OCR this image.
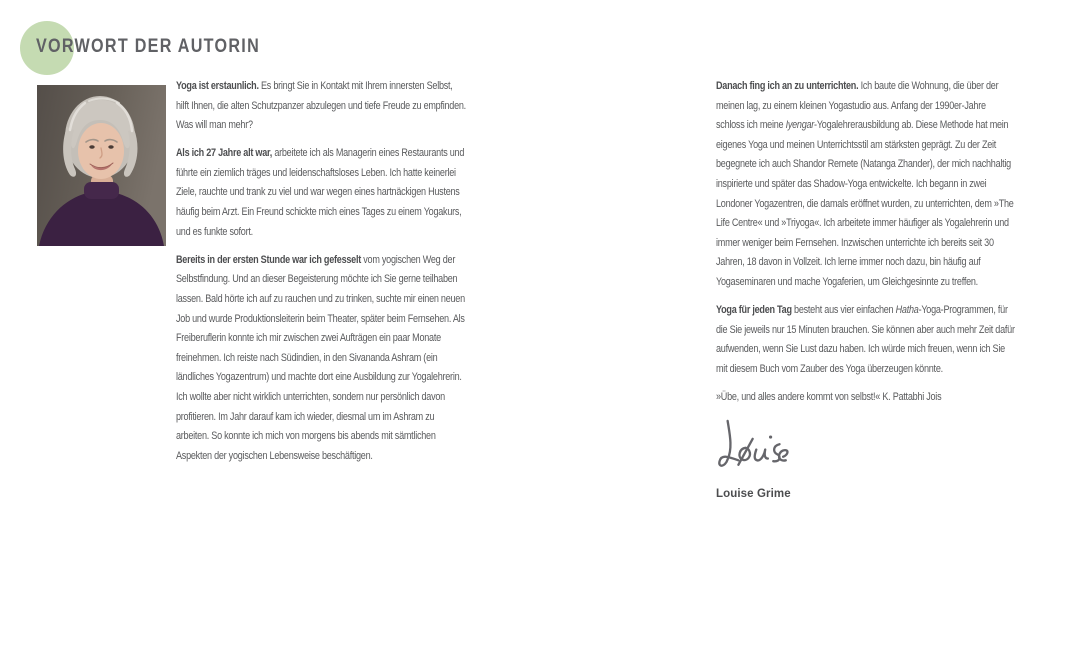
VORWORT DER AUTORIN

Yoga ist erstaunlich. Es bringt Sie in Kontakt mit Ihrem innersten Selbst, hilft Ihnen, die alten Schutzpanzer abzulegen und tiefe Freude zu empfinden. Was will man mehr?

Als ich 27 Jahre alt war, arbeitete ich als Managerin eines Restaurants und führte ein ziemlich träges und leidenschaftsloses Leben. Ich hatte keinerlei Ziele, rauchte und trank zu viel und war wegen eines hartnäckigen Hustens häufig beim Arzt. Ein Freund schickte mich eines Tages zu einem Yogakurs, und es funkte sofort.

Bereits in der ersten Stunde war ich gefesselt vom yogischen Weg der Selbstfindung. Und an dieser Begeisterung möchte ich Sie gerne teilhaben lassen. Bald hörte ich auf zu rauchen und zu trinken, suchte mir einen neuen Job und wurde Produktionsleiterin beim Theater, später beim Fernsehen. Als Freiberuflerin konnte ich mir zwischen zwei Aufträgen ein paar Monate freinehmen. Ich reiste nach Südindien, in den Sivananda Ashram (ein ländliches Yogazentrum) und machte dort eine Ausbildung zur Yogalehrerin. Ich wollte aber nicht wirklich unterrichten, sondern nur persönlich davon profitieren. Im Jahr darauf kam ich wieder, diesmal um im Ashram zu arbeiten. So konnte ich mich von morgens bis abends mit sämtlichen Aspekten der yogischen Lebensweise beschäftigen.

Danach fing ich an zu unterrichten. Ich baute die Wohnung, die über der meinen lag, zu einem kleinen Yogastudio aus. Anfang der 1990er-Jahre schloss ich meine Iyengar-Yogalehrerausbildung ab. Diese Methode hat mein eigenes Yoga und meinen Unterrichtsstil am stärksten geprägt. Zu der Zeit begegnete ich auch Shandor Remete (Natanga Zhander), der mich nachhaltig inspirierte und später das Shadow-Yoga entwickelte. Ich begann in zwei Londoner Yogazentren, die damals eröffnet wurden, zu unterrichten, dem »The Life Centre« und »Triyoga«. Ich arbeitete immer häufiger als Yogalehrerin und immer weniger beim Fernsehen. Inzwischen unterrichte ich bereits seit 30 Jahren, 18 davon in Vollzeit. Ich lerne immer noch dazu, bin häufig auf Yogaseminaren und mache Yogaferien, um Gleichgesinnte zu treffen.

Yoga für jeden Tag besteht aus vier einfachen Hatha-Yoga-Programmen, für die Sie jeweils nur 15 Minuten brauchen. Sie können aber auch mehr Zeit dafür aufwenden, wenn Sie Lust dazu haben. Ich würde mich freuen, wenn ich Sie mit diesem Buch vom Zauber des Yoga überzeugen könnte.

»Übe, und alles andere kommt von selbst!« K. Pattabhi Jois

Louise Grime
